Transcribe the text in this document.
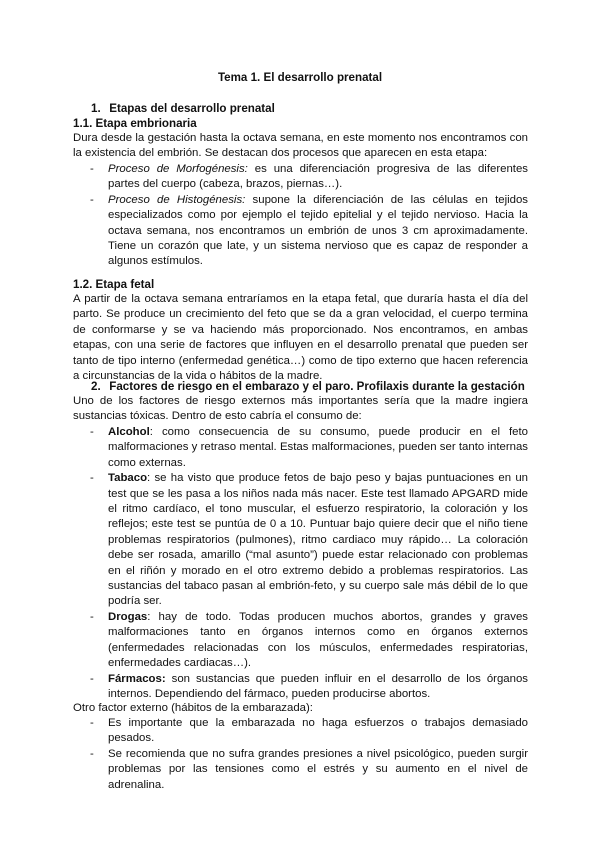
Tema 1. El desarrollo prenatal
1. Etapas del desarrollo prenatal
1.1. Etapa embrionaria
Dura desde la gestación hasta la octava semana, en este momento nos encontramos con la existencia del embrión. Se destacan dos procesos que aparecen en esta etapa:
- Proceso de Morfogénesis: es una diferenciación progresiva de las diferentes partes del cuerpo (cabeza, brazos, piernas…).
- Proceso de Histogénesis: supone la diferenciación de las células en tejidos especializados como por ejemplo el tejido epitelial y el tejido nervioso. Hacia la octava semana, nos encontramos un embrión de unos 3 cm aproximadamente. Tiene un corazón que late, y un sistema nervioso que es capaz de responder a algunos estímulos.
1.2. Etapa fetal
A partir de la octava semana entraríamos en la etapa fetal, que duraría hasta el día del parto. Se produce un crecimiento del feto que se da a gran velocidad, el cuerpo termina de conformarse y se va haciendo más proporcionado. Nos encontramos, en ambas etapas, con una serie de factores que influyen en el desarrollo prenatal que pueden ser tanto de tipo interno (enfermedad genética…) como de tipo externo que hacen referencia a circunstancias de la vida o hábitos de la madre.
2. Factores de riesgo en el embarazo y el paro. Profilaxis durante la gestación
Uno de los factores de riesgo externos más importantes sería que la madre ingiera sustancias tóxicas. Dentro de esto cabría el consumo de:
- Alcohol: como consecuencia de su consumo, puede producir en el feto malformaciones y retraso mental. Estas malformaciones, pueden ser tanto internas como externas.
- Tabaco: se ha visto que produce fetos de bajo peso y bajas puntuaciones en un test que se les pasa a los niños nada más nacer. Este test llamado APGARD mide el ritmo cardíaco, el tono muscular, el esfuerzo respiratorio, la coloración y los reflejos; este test se puntúa de 0 a 10. Puntuar bajo quiere decir que el niño tiene problemas respiratorios (pulmones), ritmo cardiaco muy rápido… La coloración debe ser rosada, amarillo (“mal asunto”) puede estar relacionado con problemas en el riñón y morado en el otro extremo debido a problemas respiratorios. Las sustancias del tabaco pasan al embrión-feto, y su cuerpo sale más débil de lo que podría ser.
- Drogas: hay de todo. Todas producen muchos abortos, grandes y graves malformaciones tanto en órganos internos como en órganos externos (enfermedades relacionadas con los músculos, enfermedades respiratorias, enfermedades cardiacas…).
- Fármacos: son sustancias que pueden influir en el desarrollo de los órganos internos. Dependiendo del fármaco, pueden producirse abortos.
Otro factor externo (hábitos de la embarazada):
- Es importante que la embarazada no haga esfuerzos o trabajos demasiado pesados.
- Se recomienda que no sufra grandes presiones a nivel psicológico, pueden surgir problemas por las tensiones como el estrés y su aumento en el nivel de adrenalina.
